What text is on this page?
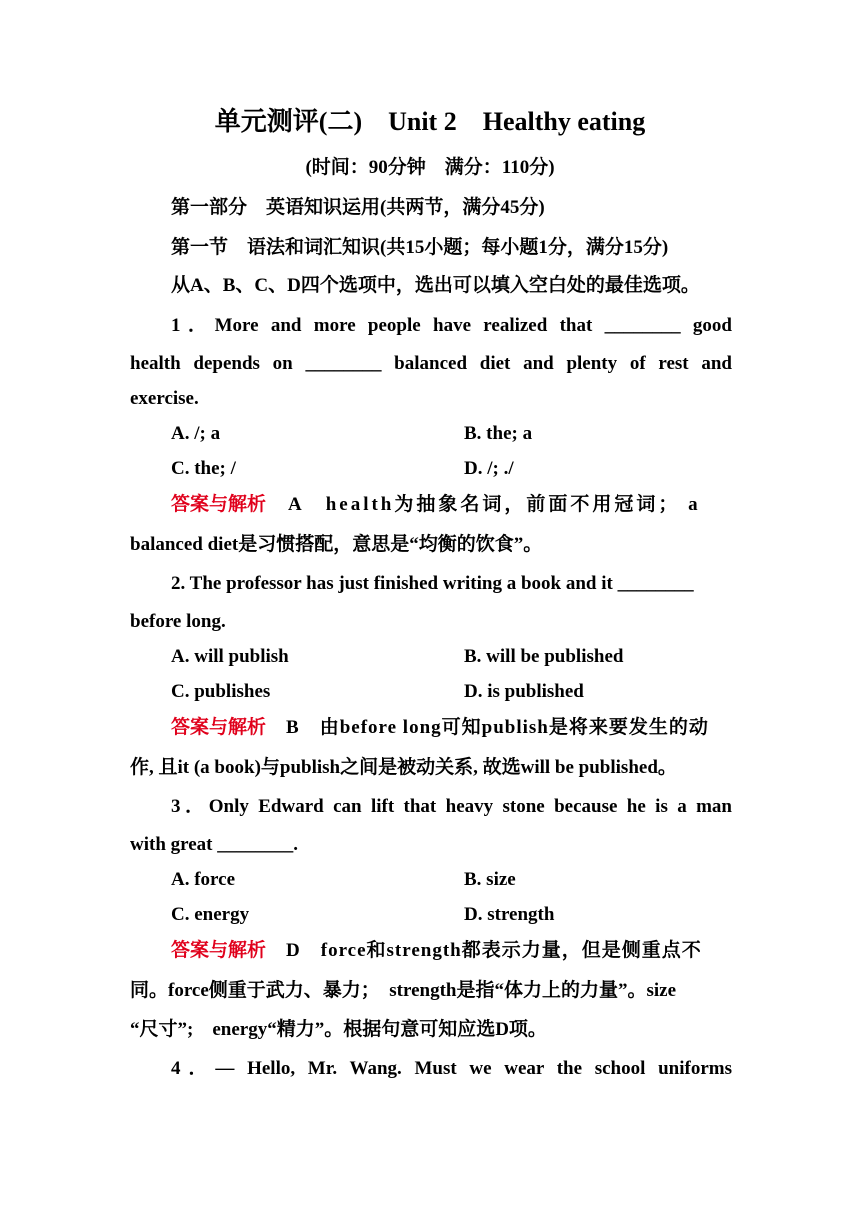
单元测评(二)　Unit 2　Healthy eating
(时间：90分钟　满分：110分)
第一部分　英语知识运用(共两节，满分45分)
第一节　语法和词汇知识(共15小题；每小题1分，满分15分)
从A、B、C、D四个选项中，选出可以填入空白处的最佳选项。
1．More and more people have realized that ________ good
health depends on ________ balanced diet and plenty of rest and
exercise.
A. /; a	B. the; a
C. the; /	D. /; ./
答案与解析 A　health为抽象名词，前面不用冠词； a
balanced diet是习惯搭配，意思是“均衡的饮食”。
2. The professor has just finished writing a book and it ________
before long.
A. will publish	B. will be published
C. publishes	D. is published
答案与解析 B　由before long可知publish是将来要发生的动
作, 且it (a book)与publish之间是被动关系, 故选will be published。
3．Only Edward can lift that heavy stone because he is a man
with great ________.
A. force	B. size
C. energy	D. strength
答案与解析 D　force和strength都表示力量，但是侧重点不
同。force侧重于武力、暴力；　strength是指“体力上的力量”。size
“尺寸”;　energy“精力”。根据句意可知应选D项。
4．— Hello, Mr. Wang. Must we wear the school uniforms
